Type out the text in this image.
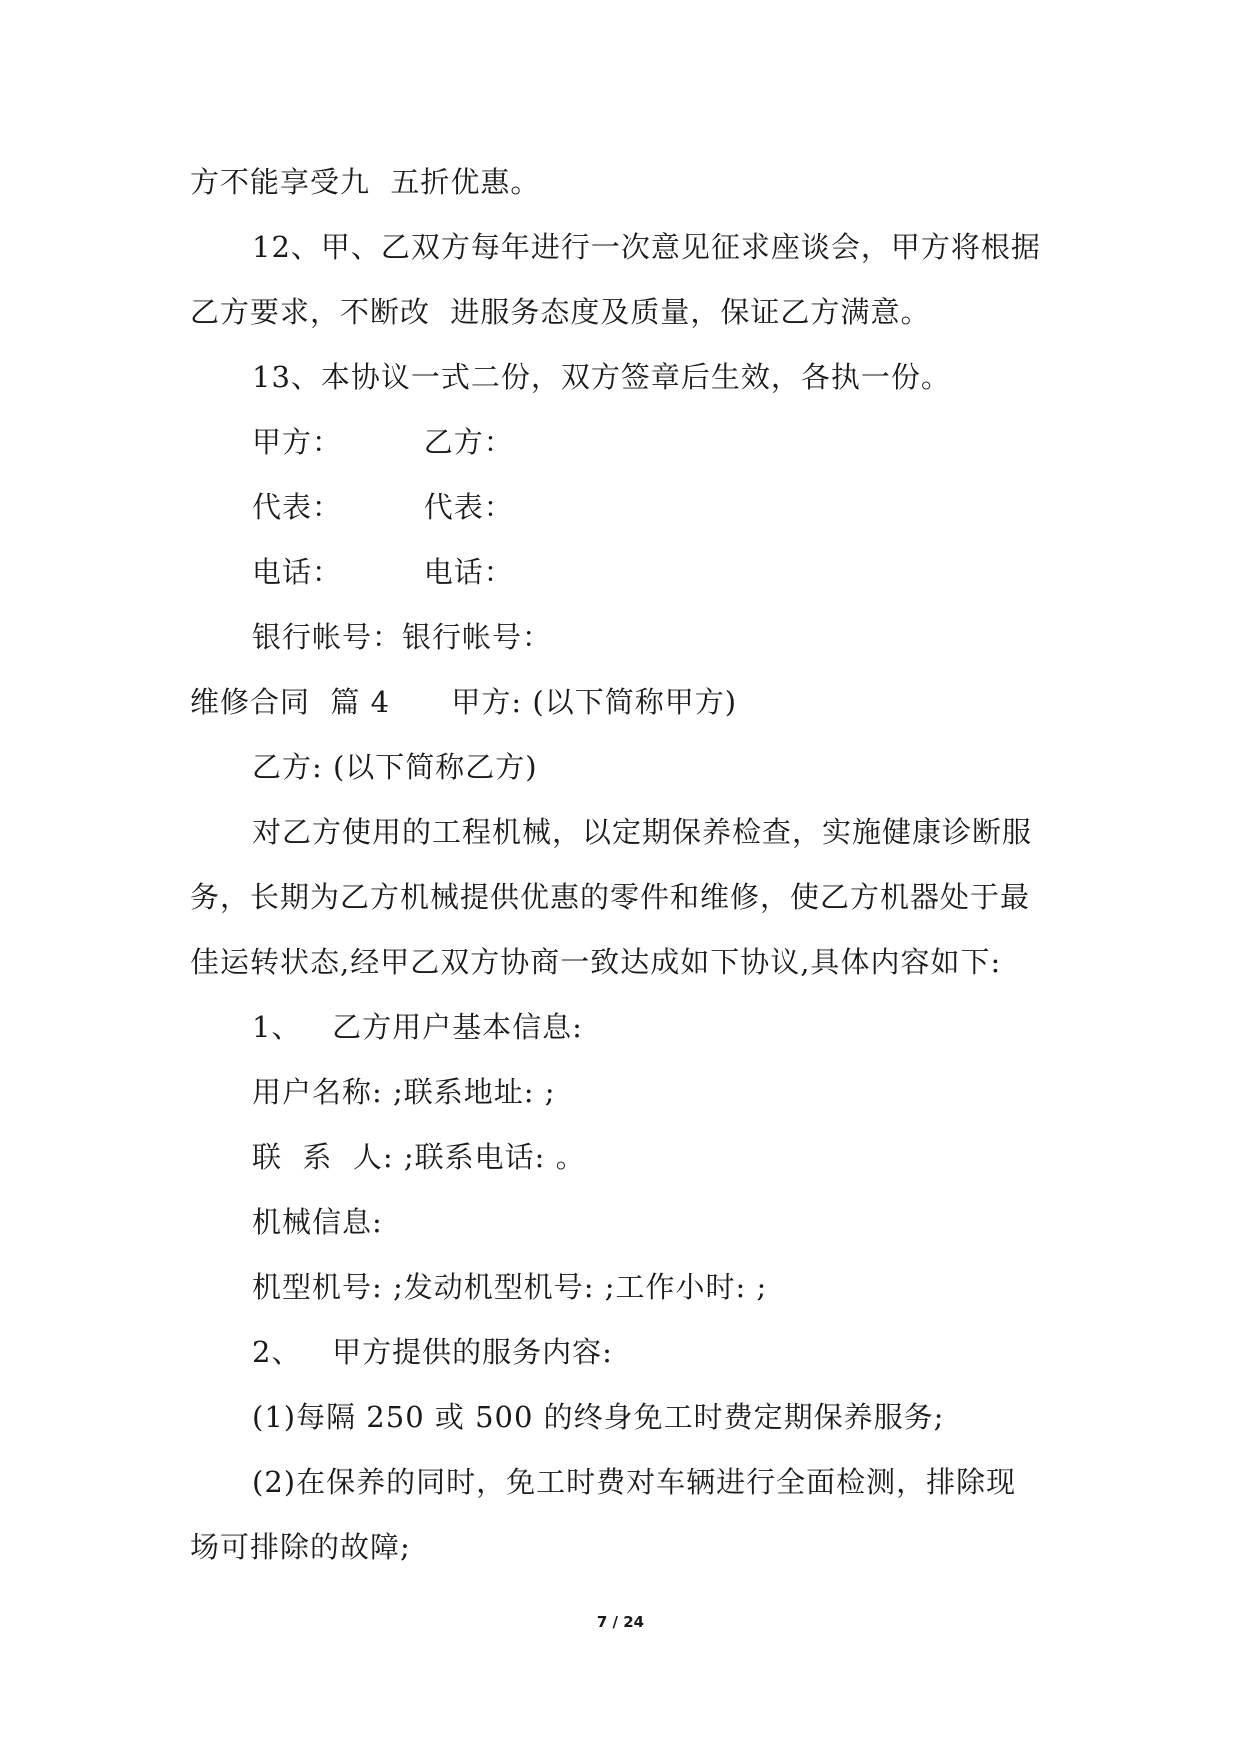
方不能享受九  五折优惠。
12、甲、乙双方每年进行一次意见征求座谈会，甲方将根据
乙方要求，不断改  进服务态度及质量，保证乙方满意。
13、本协议一式二份，双方签章后生效，各执一份。
甲方：        乙方：
代表：        代表：
电话：        电话：
银行帐号：银行帐号：
维修合同  篇 4      甲方: (以下简称甲方)
乙方: (以下简称乙方)
对乙方使用的工程机械，以定期保养检查，实施健康诊断服
务，长期为乙方机械提供优惠的零件和维修，使乙方机器处于最
佳运转状态,经甲乙双方协商一致达成如下协议,具体内容如下:
1、   乙方用户基本信息:
用户名称: ;联系地址: ;
联  系  人: ;联系电话: 。
机械信息:
机型机号: ;发动机型机号: ;工作小时: ;
2、   甲方提供的服务内容:
(1)每隔 250 或 500 的终身免工时费定期保养服务;
(2)在保养的同时，免工时费对车辆进行全面检测，排除现
场可排除的故障;
7 / 24
